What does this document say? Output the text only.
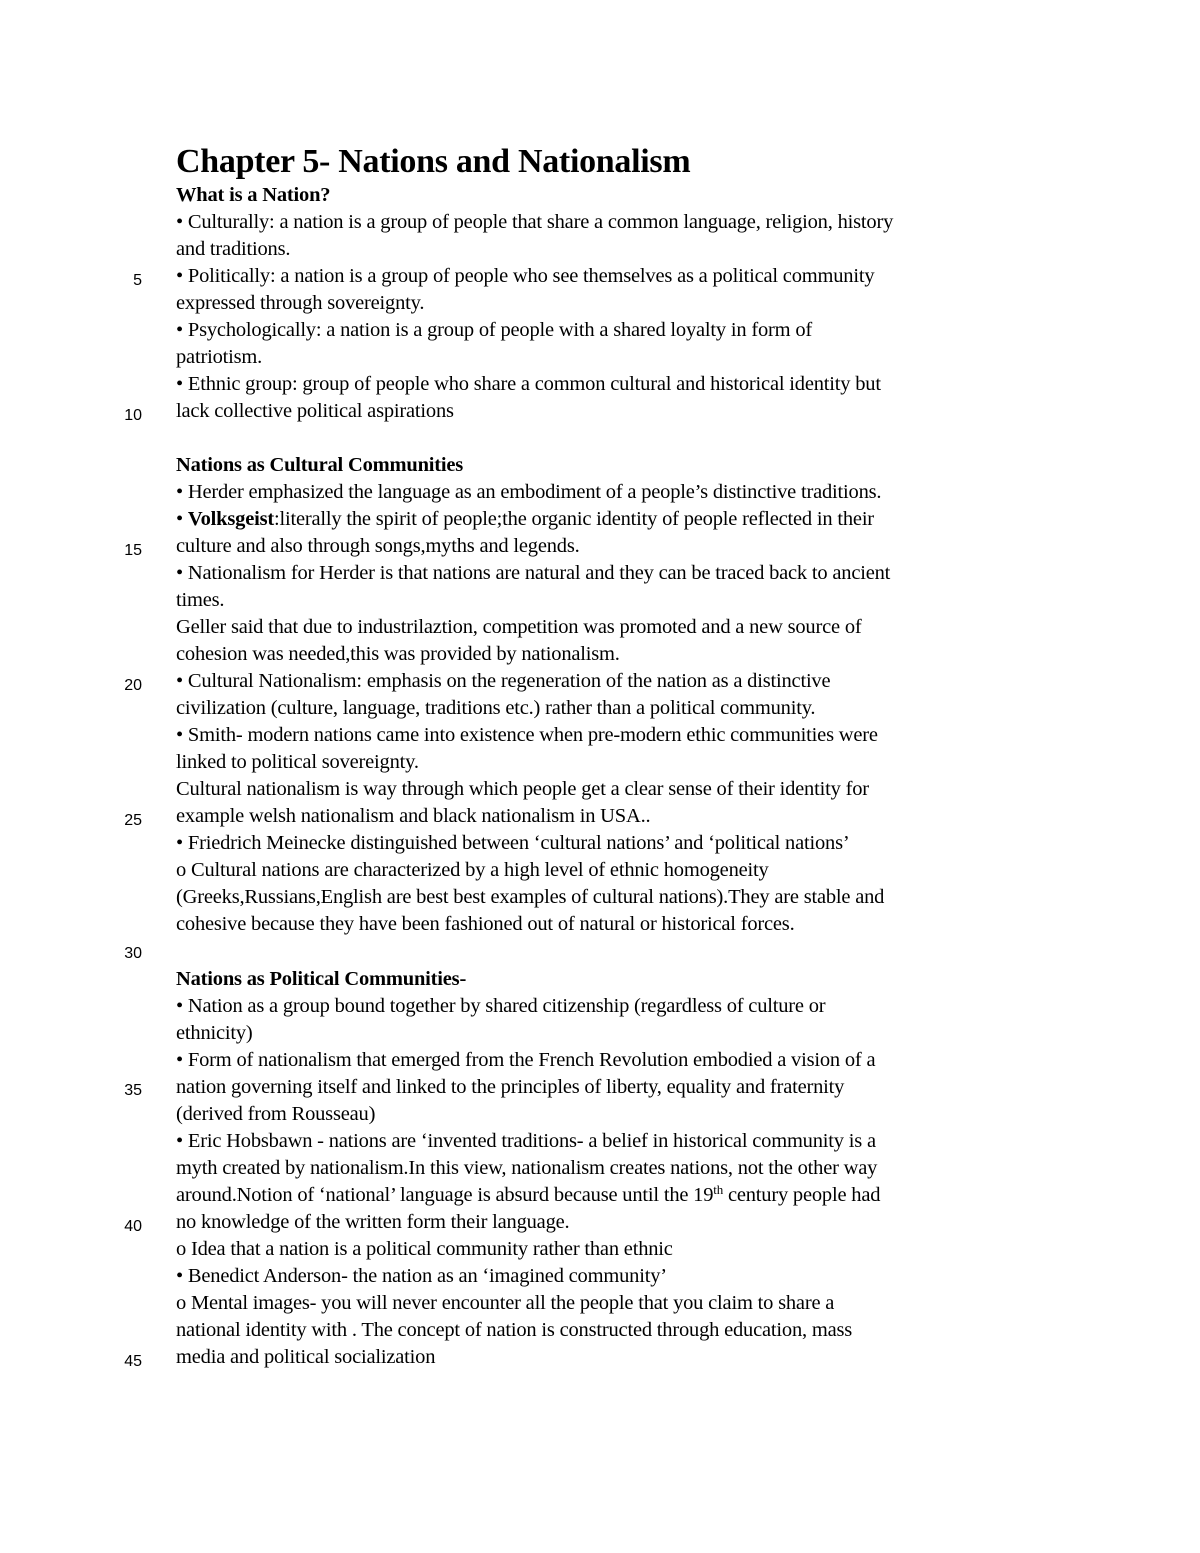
Chapter 5- Nations and Nationalism
What is a Nation?
• Culturally: a nation is a group of people that share a common language, religion, history
and traditions.
• Politically: a nation is a group of people who see themselves as a political community
expressed through sovereignty.
• Psychologically: a nation is a group of people with a shared loyalty in form of
patriotism.
• Ethnic group: group of people who share a common cultural and historical identity but
lack collective political aspirations
Nations as Cultural Communities
• Herder emphasized the language as an embodiment of a people’s distinctive traditions.
• Volksgeist:literally the spirit of people;the organic identity of people reflected in their
culture and also through songs,myths and legends.
• Nationalism for Herder is that nations are natural and they can be traced back to ancient
times.
Geller said that due to industrilaztion, competition was promoted and a new source of
cohesion was needed,this was provided by nationalism.
• Cultural Nationalism: emphasis on the regeneration of the nation as a distinctive
civilization (culture, language, traditions etc.) rather than a political community.
• Smith- modern nations came into existence when pre-modern ethic communities were
linked to political sovereignty.
Cultural nationalism is way through which people get a clear sense of their identity for
example welsh nationalism and black nationalism in USA..
• Friedrich Meinecke distinguished between ‘cultural nations’ and ‘political nations’
o Cultural nations are characterized by a high level of ethnic homogeneity
(Greeks,Russians,English are best best examples of cultural nations).They are stable and
cohesive because they have been fashioned out of natural or historical forces.
Nations as Political Communities-
• Nation as a group bound together by shared citizenship (regardless of culture or
ethnicity)
• Form of nationalism that emerged from the French Revolution embodied a vision of a
nation governing itself and linked to the principles of liberty, equality and fraternity
(derived from Rousseau)
• Eric Hobsbawn - nations are ‘invented traditions- a belief in historical community is a
myth created by nationalism.In this view, nationalism creates nations, not the other way
around.Notion of ‘national’ language is absurd because until the 19th century people had
no knowledge of the written form their language.
o Idea that a nation is a political community rather than ethnic
• Benedict Anderson- the nation as an ‘imagined community’
o Mental images- you will never encounter all the people that you claim to share a
national identity with . The concept of nation is constructed through education, mass
media and political socialization
5
10
15
20
25
30
35
40
45
